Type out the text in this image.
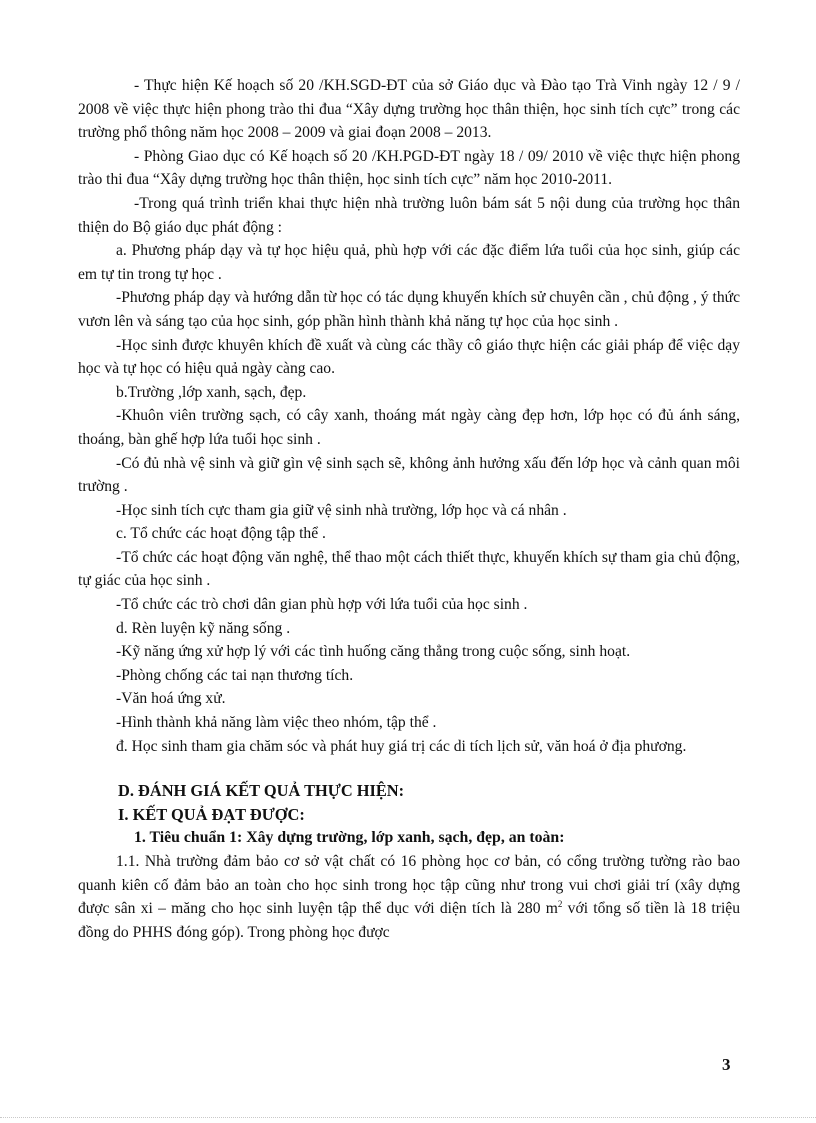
- Thực hiện Kế hoạch số 20 /KH.SGD-ĐT của sở Giáo dục và Đào tạo Trà Vinh ngày 12 / 9 / 2008 về việc thực hiện phong trào thi đua “Xây dựng trường học thân thiện, học sinh tích cực” trong các trường phổ thông năm học 2008 – 2009 và giai đoạn 2008 – 2013.

- Phòng Giao dục có Kế hoạch số 20 /KH.PGD-ĐT ngày 18 / 09/ 2010 về việc thực hiện phong trào thi đua “Xây dựng trường học thân thiện, học sinh tích cực” năm học 2010-2011.

-Trong quá trình triển khai thực hiện nhà trường luôn bám sát 5 nội dung của trường học thân thiện do Bộ giáo dục phát động :

a. Phương pháp dạy và tự học hiệu quả, phù hợp với các đặc điểm lứa tuổi của học sinh, giúp các em tự tin trong tự học .

-Phương pháp dạy và hướng dẫn từ học có tác dụng khuyến khích sử chuyên cần , chủ động , ý thức vươn lên và sáng tạo của học sinh, góp phần hình thành khả năng tự học của học sinh .

-Học sinh được khuyên khích đề xuất và cùng các thầy cô giáo thực hiện các giải pháp để việc dạy học và tự học có hiệu quả ngày càng cao.

b.Trường ,lớp xanh, sạch, đẹp.

-Khuôn viên trường sạch, có cây xanh, thoáng mát ngày càng đẹp hơn, lớp học có đủ ánh sáng, thoáng, bàn ghế hợp lứa tuổi học sinh .

-Có đủ nhà vệ sinh và giữ gìn vệ sinh sạch sẽ, không ảnh hưởng xấu đến lớp học và cảnh quan môi trường .

-Học sinh tích cực tham gia giữ vệ sinh nhà trường, lớp học và cá nhân .

c. Tổ chức các hoạt động tập thể .

-Tổ chức các hoạt động văn nghệ, thể thao một cách thiết thực, khuyến khích sự tham gia chủ động, tự giác của học sinh .

-Tổ chức các trò chơi dân gian phù hợp với lứa tuổi của học sinh .

d. Rèn luyện kỹ năng sống .

-Kỹ năng ứng xử hợp lý với các tình huống căng thẳng trong cuộc sống, sinh hoạt.

-Phòng chống các tai nạn thương tích.

-Văn hoá ứng xử.

-Hình thành khả năng làm việc theo nhóm, tập thể .

đ. Học sinh tham gia chăm sóc và phát huy giá trị các di tích lịch sử, văn hoá ở địa phương.

D. ĐÁNH GIÁ KẾT QUẢ THỰC HIỆN:

I. KẾT QUẢ ĐẠT ĐƯỢC:

1. Tiêu chuẩn 1: Xây dựng trường, lớp xanh, sạch, đẹp, an toàn:

1.1. Nhà trường đảm bảo cơ sở vật chất có 16 phòng học cơ bản, có cổng trường tường rào bao quanh kiên cố đảm bảo an toàn cho học sinh trong học tập cũng như trong vui chơi giải trí (xây dựng được sân xi – măng cho học sinh luyện tập thể dục với diện tích là 280 $m^2$ với tổng số tiền là 18 triệu đồng do PHHS đóng góp). Trong phòng học được

3
